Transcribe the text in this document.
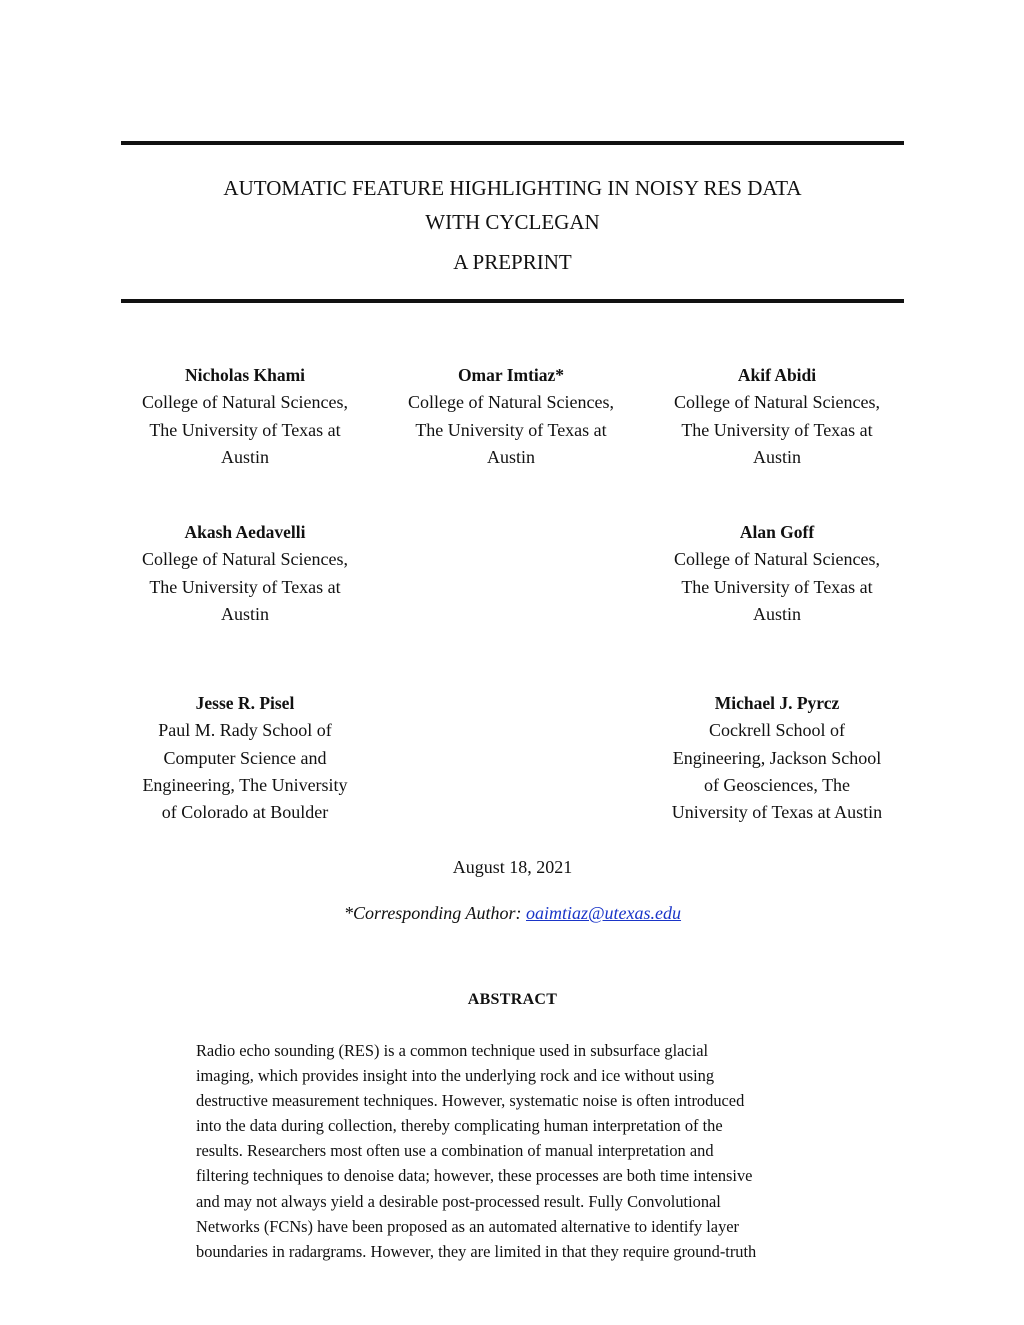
AUTOMATIC FEATURE HIGHLIGHTING IN NOISY RES DATA
WITH CYCLEGAN
A PREPRINT
Nicholas Khami
College of Natural Sciences,
The University of Texas at
Austin
Omar Imtiaz*
College of Natural Sciences,
The University of Texas at
Austin
Akif Abidi
College of Natural Sciences,
The University of Texas at
Austin
Akash Aedavelli
College of Natural Sciences,
The University of Texas at
Austin
Alan Goff
College of Natural Sciences,
The University of Texas at
Austin
Jesse R. Pisel
Paul M. Rady School of
Computer Science and
Engineering, The University
of Colorado at Boulder
Michael J. Pyrcz
Cockrell School of
Engineering, Jackson School
of Geosciences, The
University of Texas at Austin
August 18, 2021
*Corresponding Author: oaimtiaz@utexas.edu
ABSTRACT
Radio echo sounding (RES) is a common technique used in subsurface glacial
imaging, which provides insight into the underlying rock and ice without using
destructive measurement techniques. However, systematic noise is often introduced
into the data during collection, thereby complicating human interpretation of the
results. Researchers most often use a combination of manual interpretation and
filtering techniques to denoise data; however, these processes are both time intensive
and may not always yield a desirable post-processed result. Fully Convolutional
Networks (FCNs) have been proposed as an automated alternative to identify layer
boundaries in radargrams. However, they are limited in that they require ground-truth
